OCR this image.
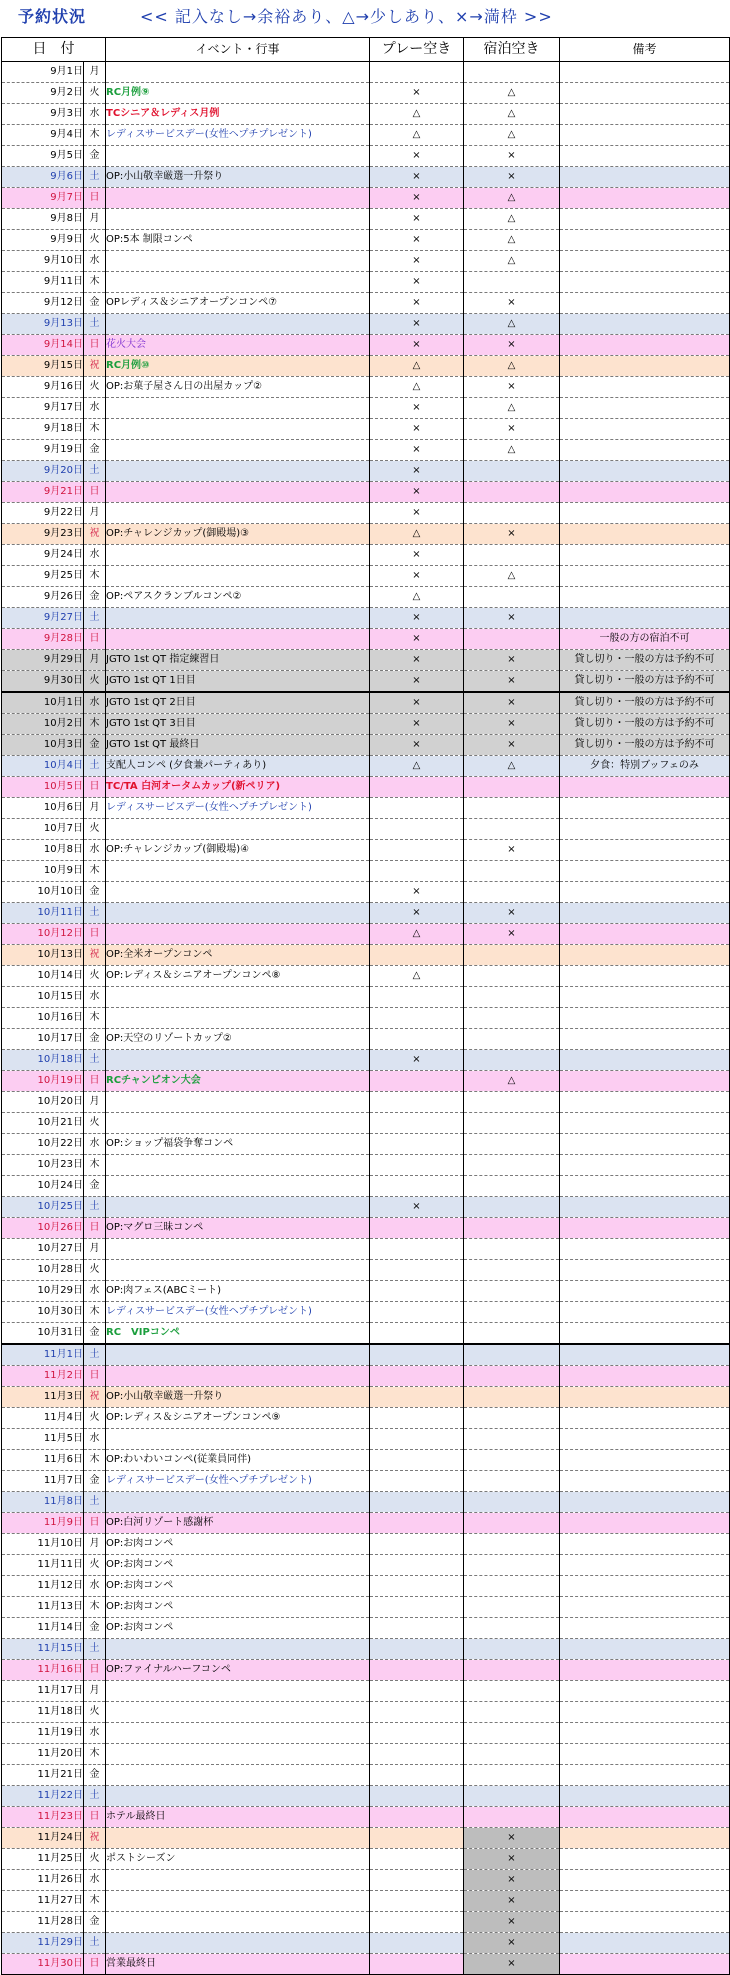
予約状況	<< 記入なし→余裕あり、△→少しあり、×→満枠 >>
日　付		イベント・行事	プレー空き	宿泊空き	備考
9月1日	月				
9月2日	火	RC月例⑨	×	△	
9月3日	水	TCシニア＆レディス月例	△	△	
9月4日	木	レディスサービスデー(女性ヘプチプレゼント)	△	△	
9月5日	金		×	×	
9月6日	土	OP:小山敬幸厳選一升祭り	×	×	
9月7日	日		×	△	
9月8日	月		×	△	
9月9日	火	OP:5本 制限コンペ	×	△	
9月10日	水		×	△	
9月11日	木		×		
9月12日	金	OPレディス＆シニアオープンコンペ⑦	×	×	
9月13日	土		×	△	
9月14日	日	花火大会	×	×	
9月15日	祝	RC月例⑩	△	△	
9月16日	火	OP:お菓子屋さん日の出屋カップ②	△	×	
9月17日	水		×	△	
9月18日	木		×	×	
9月19日	金		×	△	
9月20日	土		×		
9月21日	日		×		
9月22日	月		×		
9月23日	祝	OP:チャレンジカップ(御殿場)③	△	×	
9月24日	水		×		
9月25日	木		×	△	
9月26日	金	OP:ペアスクランブルコンペ②	△		
9月27日	土		×	×	
9月28日	日		×		一般の方の宿泊不可
9月29日	月	JGTO 1st QT 指定練習日	×	×	貸し切り・一般の方は予約不可
9月30日	火	JGTO 1st QT 1日目	×	×	貸し切り・一般の方は予約不可
10月1日	水	JGTO 1st QT 2日目	×	×	貸し切り・一般の方は予約不可
10月2日	木	JGTO 1st QT 3日目	×	×	貸し切り・一般の方は予約不可
10月3日	金	JGTO 1st QT 最終日	×	×	貸し切り・一般の方は予約不可
10月4日	土	支配人コンペ (夕食兼パーティあり)	△	△	夕食：特別ブッフェのみ
10月5日	日	TC/TA 白河オータムカップ(新ペリア)			
10月6日	月	レディスサービスデー(女性ヘプチプレゼント)			
10月7日	火				
10月8日	水	OP:チャレンジカップ(御殿場)④		×	
10月9日	木				
10月10日	金		×		
10月11日	土		×	×	
10月12日	日		△	×	
10月13日	祝	OP:全米オープンコンペ			
10月14日	火	OP:レディス＆シニアオープンコンペ⑧	△		
10月15日	水				
10月16日	木				
10月17日	金	OP:天空のリゾートカップ②			
10月18日	土		×		
10月19日	日	RCチャンピオン大会		△	
10月20日	月				
10月21日	火				
10月22日	水	OP:ショップ福袋争奪コンペ			
10月23日	木				
10月24日	金				
10月25日	土		×		
10月26日	日	OP:マグロ三昧コンペ			
10月27日	月				
10月28日	火				
10月29日	水	OP:肉フェス(ABCミート)			
10月30日	木	レディスサービスデー(女性ヘプチプレゼント)			
10月31日	金	RC　VIPコンペ			
11月1日	土				
11月2日	日				
11月3日	祝	OP:小山敬幸厳選一升祭り			
11月4日	火	OP:レディス＆シニアオープンコンペ⑨			
11月5日	水				
11月6日	木	OP:わいわいコンペ(従業員同伴)			
11月7日	金	レディスサービスデー(女性ヘプチプレゼント)			
11月8日	土				
11月9日	日	OP:白河リゾート感謝杯			
11月10日	月	OP:お肉コンペ			
11月11日	火	OP:お肉コンペ			
11月12日	水	OP:お肉コンペ			
11月13日	木	OP:お肉コンペ			
11月14日	金	OP:お肉コンペ			
11月15日	土				
11月16日	日	OP:ファイナルハーフコンペ			
11月17日	月				
11月18日	火				
11月19日	水				
11月20日	木				
11月21日	金				
11月22日	土				
11月23日	日	ホテル最終日			
11月24日	祝			×	
11月25日	火	ポストシーズン		×	
11月26日	水			×	
11月27日	木			×	
11月28日	金			×	
11月29日	土			×	
11月30日	日	営業最終日		×	
